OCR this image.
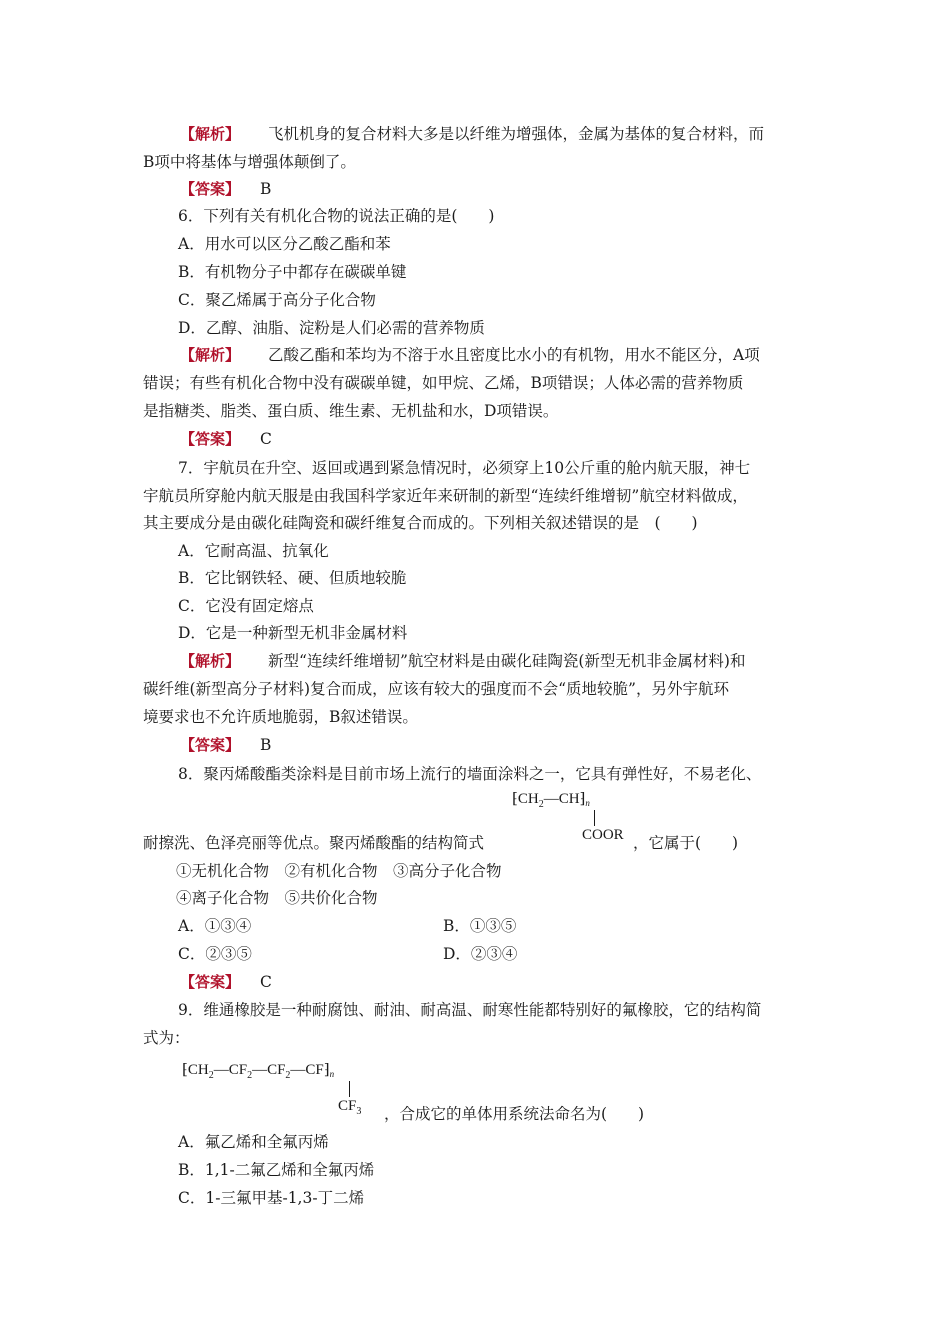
【解析】 飞机机身的复合材料大多是以纤维为增强体，金属为基体的复合材料，而
B项中将基体与增强体颠倒了。
【答案】 B
6．下列有关有机化合物的说法正确的是(　　)
A．用水可以区分乙酸乙酯和苯
B．有机物分子中都存在碳碳单键
C．聚乙烯属于高分子化合物
D．乙醇、油脂、淀粉是人们必需的营养物质
【解析】 乙酸乙酯和苯均为不溶于水且密度比水小的有机物，用水不能区分，A项
错误；有些有机化合物中没有碳碳单键，如甲烷、乙烯，B项错误；人体必需的营养物质
是指糖类、脂类、蛋白质、维生素、无机盐和水，D项错误。
【答案】 C
7．宇航员在升空、返回或遇到紧急情况时，必须穿上10公斤重的舱内航天服，神七
宇航员所穿舱内航天服是由我国科学家近年来研制的新型“连续纤维增韧”航空材料做成，
其主要成分是由碳化硅陶瓷和碳纤维复合而成的。下列相关叙述错误的是　(　　)
A．它耐高温、抗氧化
B．它比钢铁轻、硬、但质地较脆
C．它没有固定熔点
D．它是一种新型无机非金属材料
【解析】 新型“连续纤维增韧”航空材料是由碳化硅陶瓷(新型无机非金属材料)和
碳纤维(新型高分子材料)复合而成，应该有较大的强度而不会“质地较脆”，另外宇航环
境要求也不允许质地脆弱，B叙述错误。
【答案】 B
8．聚丙烯酸酯类涂料是目前市场上流行的墙面涂料之一，它具有弹性好，不易老化、
$⁅CH_2—CH⁆_n$
COOR
耐擦洗、色泽亮丽等优点。聚丙烯酸酯的结构简式	，它属于(　　)
①无机化合物　②有机化合物　③高分子化合物
④离子化合物　⑤共价化合物
A．①③④	B．①③⑤
C．②③⑤	D．②③④
【答案】 C
9．维通橡胶是一种耐腐蚀、耐油、耐高温、耐寒性能都特别好的氟橡胶，它的结构简
式为：
$⁅CH_2—CF_2—CF_2—CF⁆_n$
$CF_3$ ，合成它的单体用系统法命名为(　　)
A．氟乙烯和全氟丙烯
B．1,1-二氟乙烯和全氟丙烯
C．1-三氟甲基-1,3-丁二烯
